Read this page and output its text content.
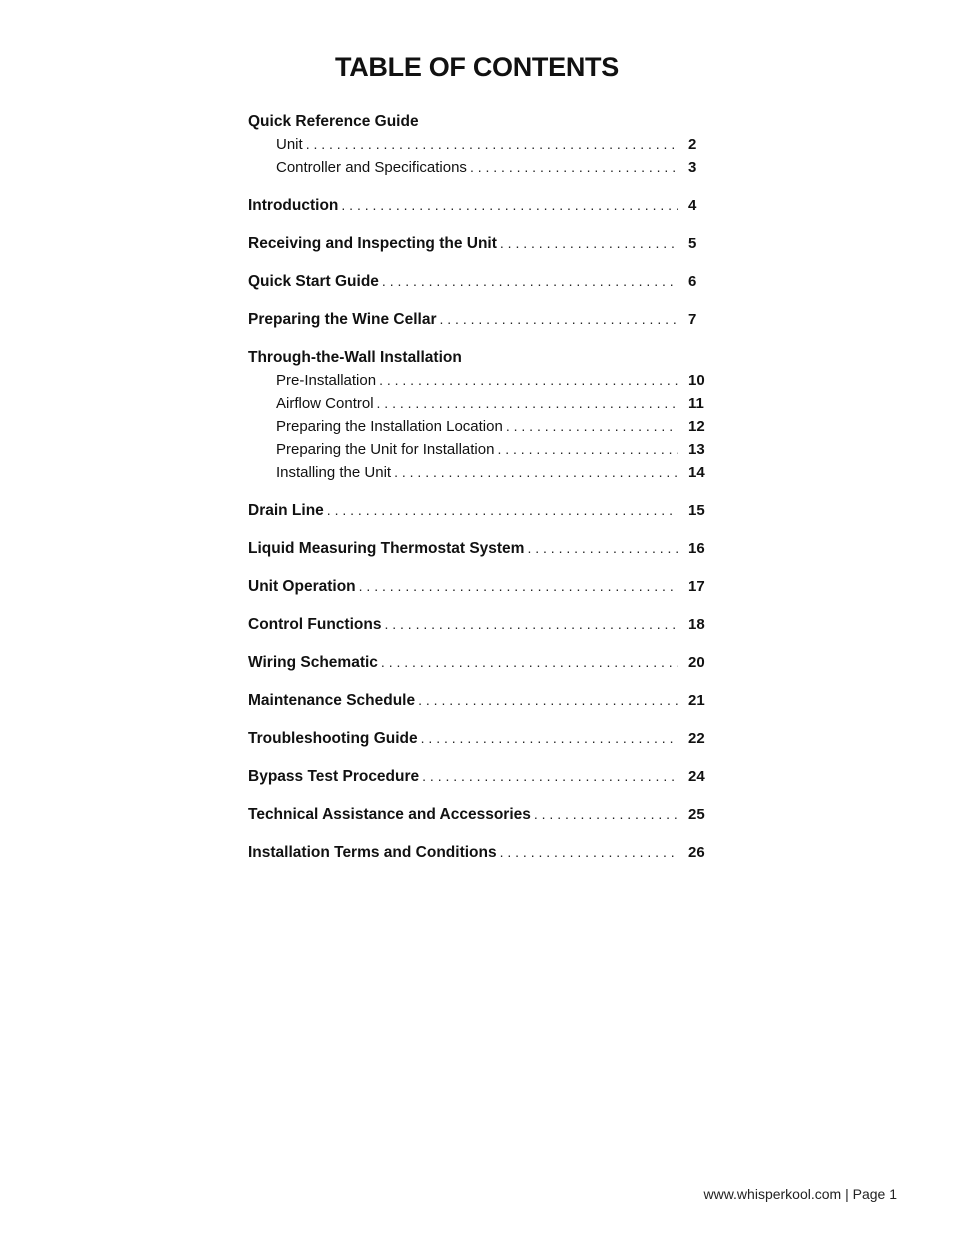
TABLE OF CONTENTS
Quick Reference Guide
Unit . . .	2
Controller and Specifications . . .	3
Introduction . . .	4
Receiving and Inspecting the Unit . . .	5
Quick Start Guide . . .	6
Preparing the Wine Cellar . . .	7
Through-the-Wall Installation
Pre-Installation . . .	10
Airflow Control . . .	11
Preparing the Installation Location . . .	12
Preparing the Unit for Installation . . .	13
Installing the Unit . . .	14
Drain Line . . .	15
Liquid Measuring Thermostat System . . .	16
Unit Operation . . .	17
Control Functions . . .	18
Wiring Schematic . . .	20
Maintenance Schedule . . .	21
Troubleshooting Guide . . .	22
Bypass Test Procedure . . .	24
Technical Assistance and Accessories . . .	25
Installation Terms and Conditions . . .	26
www.whisperkool.com | Page 1
